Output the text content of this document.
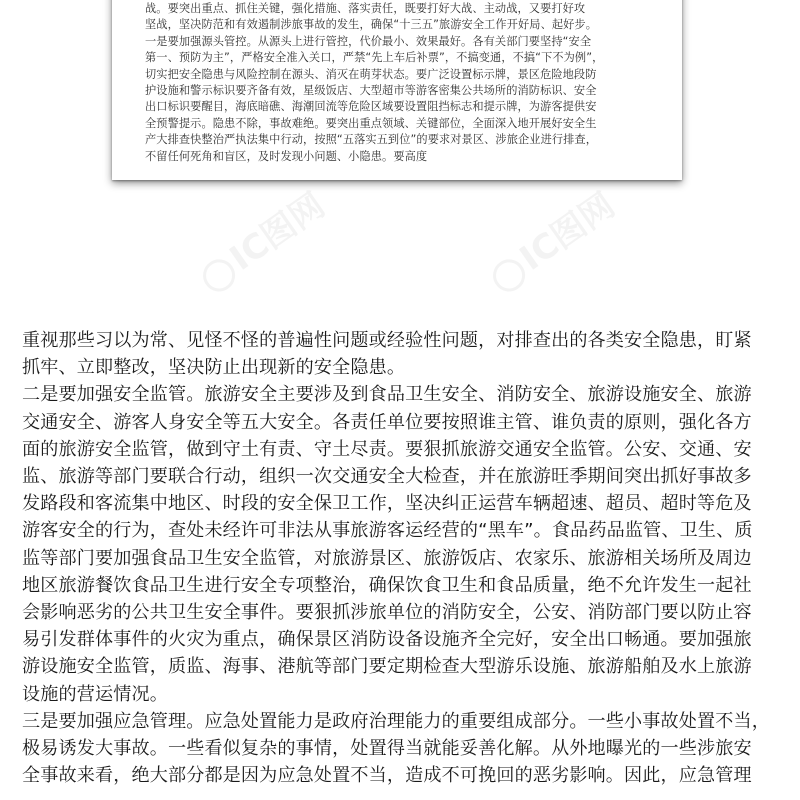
战。要突出重点、抓住关键，强化措施、落实责任，既要打好大战、主动战，又要打好攻
坚战，坚决防范和有效遏制涉旅事故的发生，确保“十三五”旅游安全工作开好局、起好步。
一是要加强源头管控。从源头上进行管控，代价最小、效果最好。各有关部门要坚持“安全
第一、预防为主”，严格安全准入关口，严禁“先上车后补票”，不搞变通，不搞“下不为例”，
切实把安全隐患与风险控制在源头、消灭在萌芽状态。要广泛设置标示牌，景区危险地段防
护设施和警示标识要齐备有效，星级饭店、大型超市等游客密集公共场所的消防标识、安全
出口标识要醒目，海底暗礁、海潮回流等危险区域要设置阻挡标志和提示牌，为游客提供安
全预警提示。隐患不除，事故难绝。要突出重点领域、关键部位，全面深入地开展好安全生
产大排查快整治严执法集中行动，按照“五落实五到位”的要求对景区、涉旅企业进行排查，
不留任何死角和盲区，及时发现小问题、小隐患。要高度
IC图网	IC图网
重视那些习以为常、见怪不怪的普遍性问题或经验性问题，对排查出的各类安全隐患，盯紧
抓牢、立即整改，坚决防止出现新的安全隐患。
二是要加强安全监管。旅游安全主要涉及到食品卫生安全、消防安全、旅游设施安全、旅游
交通安全、游客人身安全等五大安全。各责任单位要按照谁主管、谁负责的原则，强化各方
面的旅游安全监管，做到守土有责、守土尽责。要狠抓旅游交通安全监管。公安、交通、安
监、旅游等部门要联合行动，组织一次交通安全大检查，并在旅游旺季期间突出抓好事故多
发路段和客流集中地区、时段的安全保卫工作，坚决纠正运营车辆超速、超员、超时等危及
游客安全的行为，查处未经许可非法从事旅游客运经营的“黑车”。食品药品监管、卫生、质
监等部门要加强食品卫生安全监管，对旅游景区、旅游饭店、农家乐、旅游相关场所及周边
地区旅游餐饮食品卫生进行安全专项整治，确保饮食卫生和食品质量，绝不允许发生一起社
会影响恶劣的公共卫生安全事件。要狠抓涉旅单位的消防安全，公安、消防部门要以防止容
易引发群体事件的火灾为重点，确保景区消防设备设施齐全完好，安全出口畅通。要加强旅
游设施安全监管，质监、海事、港航等部门要定期检查大型游乐设施、旅游船舶及水上旅游
设施的营运情况。
三是要加强应急管理。应急处置能力是政府治理能力的重要组成部分。一些小事故处置不当，
极易诱发大事故。一些看似复杂的事情，处置得当就能妥善化解。从外地曝光的一些涉旅安
全事故来看，绝大部分都是因为应急处置不当，造成不可挽回的恶劣影响。因此，应急管理
